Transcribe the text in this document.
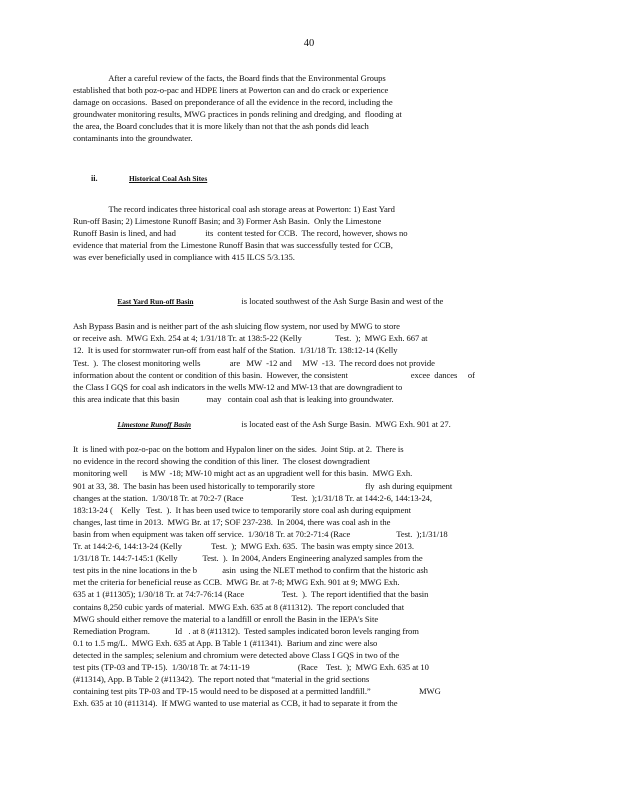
40
After a careful review of the facts, the Board finds that the Environmental Groups
established that both poz-o-pac and HDPE liners at Powerton can and do crack or experience
damage on occasions.  Based on preponderance of all the evidence in the record, including the
groundwater monitoring results, MWG practices in ponds relining and dredging, and  flooding at
the area, the Board concludes that it is more likely than not that the ash ponds did leach
contaminants into the groundwater.
ii.	Historical Coal Ash Sites
The record indicates three historical coal ash storage areas at Powerton: 1) East Yard
Run-off Basin; 2) Limestone Runoff Basin; and 3) Former Ash Basin.  Only the Limestone
Runoff Basin is lined, and had              its  content tested for CCB.  The record, however, shows no
evidence that material from the Limestone Runoff Basin that was successfully tested for CCB,
was ever beneficially used in compliance with 415 ILCS 5/3.135.

East Yard Run-off Basin	is located southwest of the Ash Surge Basin and west of the

Ash Bypass Basin and is neither part of the ash sluicing flow system, nor used by MWG to store
or receive ash.  MWG Exh. 254 at 4; 1/31/18 Tr. at 138:5-22 (Kelly                Test.  );  MWG Exh. 667 at
12.  It is used for stormwater run-off from east half of the Station.  1/31/18 Tr. 138:12-14 (Kelly
Test.  ).  The closest monitoring wells              are   MW  -12 and     MW  -13.  The record does not provide
information about the content or condition of this basin.  However, the consistent                              excee  dances     of
the Class I GQS for coal ash indicators in the wells MW-12 and MW-13 that are downgradient to
this area indicate that this basin             may   contain coal ash that is leaking into groundwater.

Limestone Runoff Basin	is located east of the Ash Surge Basin.  MWG Exh. 901 at 27.

It  is lined with poz-o-pac on the bottom and Hypalon liner on the sides.  Joint Stip. at 2.  There is
no evidence in the record showing the condition of this liner.  The closest downgradient
monitoring well       is MW  -18; MW-10 might act as an upgradient well for this basin.  MWG Exh.
901 at 33, 38.  The basin has been used historically to temporarily store                        fly  ash during equipment
changes at the station.  1/30/18 Tr. at 70:2-7 (Race                       Test.  );1/31/18 Tr. at 144:2-6, 144:13-24,
183:13-24 (    Kelly   Test.  ).  It has been used twice to temporarily store coal ash during equipment
changes, last time in 2013.  MWG Br. at 17; SOF 237-238.  In 2004, there was coal ash in the
basin from when equipment was taken off service.  1/30/18 Tr. at 70:2-71:4 (Race                      Test.  );1/31/18
Tr. at 144:2-6, 144:13-24 (Kelly              Test.  );  MWG Exh. 635.  The basin was empty since 2013.
1/31/18 Tr. 144:7-145:1 (Kelly            Test.  ).  In 2004, Anders Engineering analyzed samples from the
test pits in the nine locations in the b            asin  using the NLET method to confirm that the historic ash
met the criteria for beneficial reuse as CCB.  MWG Br. at 7-8; MWG Exh. 901 at 9; MWG Exh.
635 at 1 (#11305); 1/30/18 Tr. at 74:7-76:14 (Race                  Test.  ).  The report identified that the basin
contains 8,250 cubic yards of material.  MWG Exh. 635 at 8 (#11312).  The report concluded that
MWG should either remove the material to a landfill or enroll the Basin in the IEPA's Site
Remediation Program.            Id   . at 8 (#11312).  Tested samples indicated boron levels ranging from
0.1 to 1.5 mg/L.  MWG Exh. 635 at App. B Table 1 (#11341).  Barium and zinc were also
detected in the samples; selenium and chromium were detected above Class I GQS in two of the
test pits (TP-03 and TP-15).  1/30/18 Tr. at 74:11-19                       (Race    Test.  );  MWG Exh. 635 at 10
(#11314), App. B Table 2 (#11342).  The report noted that “material in the grid sections
containing test pits TP-03 and TP-15 would need to be disposed at a permitted landfill.”                       MWG
Exh. 635 at 10 (#11314).  If MWG wanted to use material as CCB, it had to separate it from the
